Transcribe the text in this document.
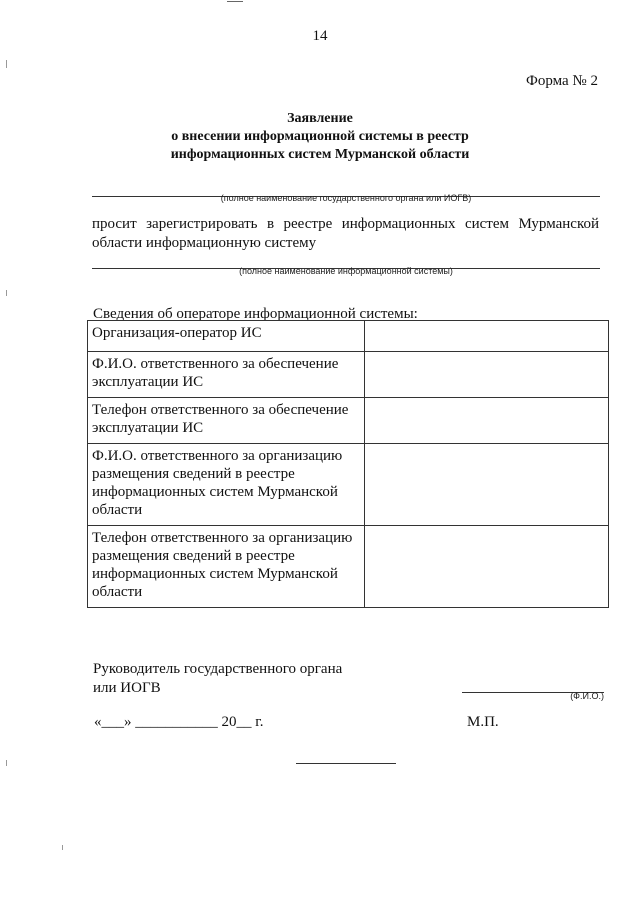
14
Форма № 2
Заявление
о внесении информационной системы в реестр
информационных систем Мурманской области
(полное наименование государственного органа или ИОГВ)
просит зарегистрировать в реестре информационных систем Мурманской области информационную систему
(полное наименование информационной системы)
Сведения об операторе информационной системы:
Организация-оператор ИС	
Ф.И.О. ответственного за обеспечение эксплуатации ИС	
Телефон ответственного за обеспечение эксплуатации ИС	
Ф.И.О. ответственного за организацию размещения сведений в реестре информационных систем Мурманской области	
Телефон ответственного за организацию размещения сведений в реестре информационных систем Мурманской области	
Руководитель государственного органа
или ИОГВ	(Ф.И.О.)
«___» ___________ 20__ г.	М.П.
